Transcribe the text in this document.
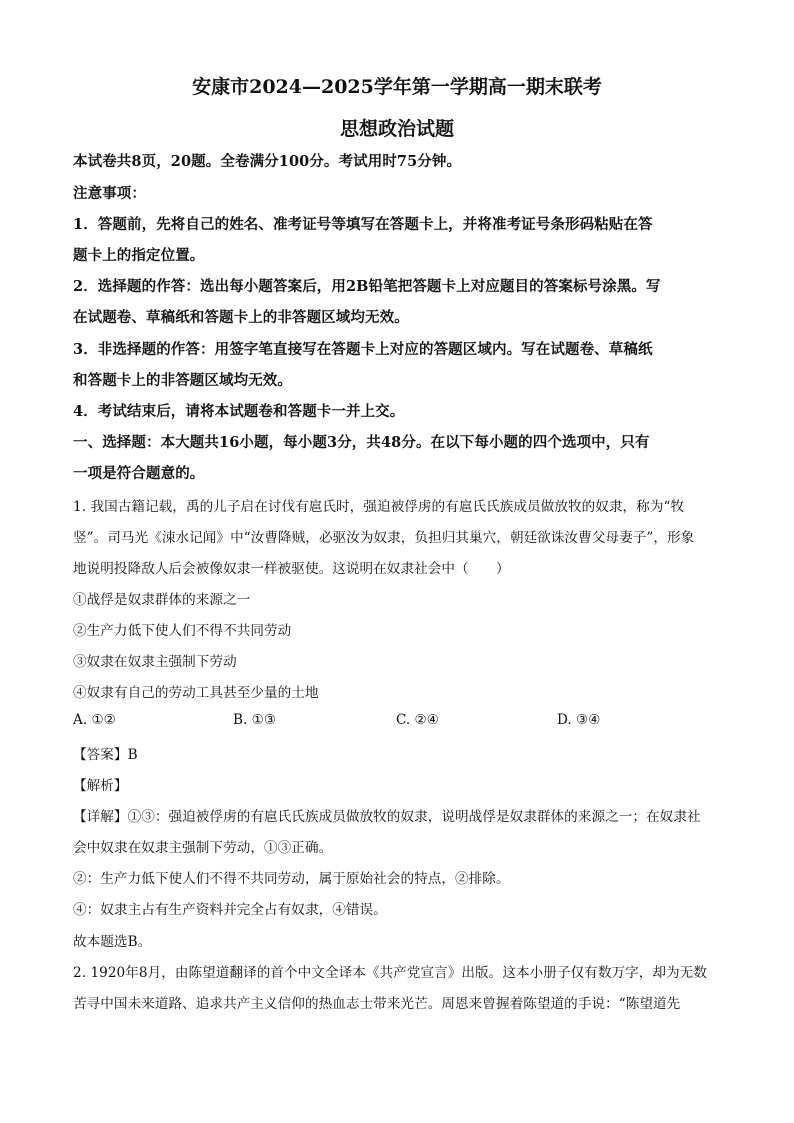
安康市2024—2025学年第一学期高一期末联考
思想政治试题
本试卷共8页，20题。全卷满分100分。考试用时75分钟。
注意事项：
1．答题前，先将自己的姓名、准考证号等填写在答题卡上，并将准考证号条形码粘贴在答
题卡上的指定位置。
2．选择题的作答：选出每小题答案后，用2B铅笔把答题卡上对应题目的答案标号涂黑。写
在试题卷、草稿纸和答题卡上的非答题区域均无效。
3．非选择题的作答：用签字笔直接写在答题卡上对应的答题区域内。写在试题卷、草稿纸
和答题卡上的非答题区域均无效。
4．考试结束后，请将本试题卷和答题卡一并上交。
一、选择题：本大题共16小题，每小题3分，共48分。在以下每小题的四个选项中，只有
一项是符合题意的。
1. 我国古籍记载，禹的儿子启在讨伐有扈氏时，强迫被俘虏的有扈氏氏族成员做放牧的奴隶，称为“牧
竖”。司马光《涑水记闻》中“汝曹降贼，必驱汝为奴隶，负担归其巢穴，朝廷欲诛汝曹父母妻子”，形象
地说明投降敌人后会被像奴隶一样被驱使。这说明在奴隶社会中（　　）
①战俘是奴隶群体的来源之一
②生产力低下使人们不得不共同劳动
③奴隶在奴隶主强制下劳动
④奴隶有自己的劳动工具甚至少量的土地
A. ①②	B. ①③	C. ②④	D. ③④
【答案】B
【解析】
【详解】①③：强迫被俘虏的有扈氏氏族成员做放牧的奴隶，说明战俘是奴隶群体的来源之一；在奴隶社
会中奴隶在奴隶主强制下劳动，①③正确。
②：生产力低下使人们不得不共同劳动，属于原始社会的特点，②排除。
④：奴隶主占有生产资料并完全占有奴隶，④错误。
故本题选B。
2. 1920年8月，由陈望道翻译的首个中文全译本《共产党宣言》出版。这本小册子仅有数万字，却为无数
苦寻中国未来道路、追求共产主义信仰的热血志士带来光芒。周恩来曾握着陈望道的手说：“陈望道先
